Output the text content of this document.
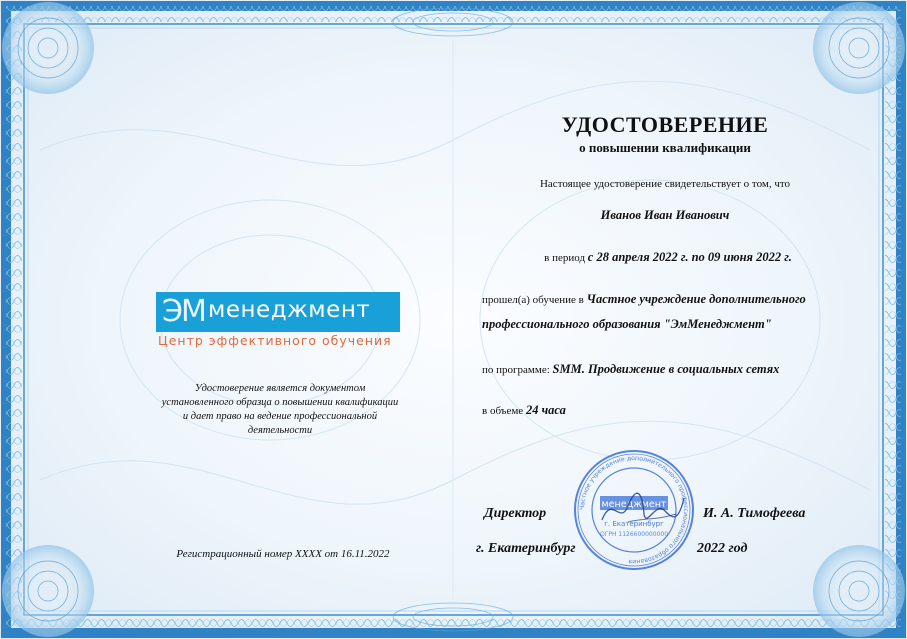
ЭМ менеджмент
Центр эффективного обучения
Удостоверение является документом
установленного образца о повышении квалификации
и дает право на ведение профессиональной деятельности
Регистрационный номер XXXX от 16.11.2022
УДОСТОВЕРЕНИЕ
о повышении квалификации
Настоящее удостоверение свидетельствует о том, что
Иванов Иван Иванович
в период с 28 апреля 2022 г. по 09 июня 2022 г.
прошел(а) обучение в Частное учреждение дополнительного
профессионального образования "ЭмМенеджмент"
по программе: SMM. Продвижение в социальных сетях
в объеме 24 часа
Частное учреждение дополнительного профессионального образования
менеджмент
г. Екатеринбург
ОГРН 1126600000000
Директор	И. А. Тимофеева
г. Екатеринбург	2022 год
